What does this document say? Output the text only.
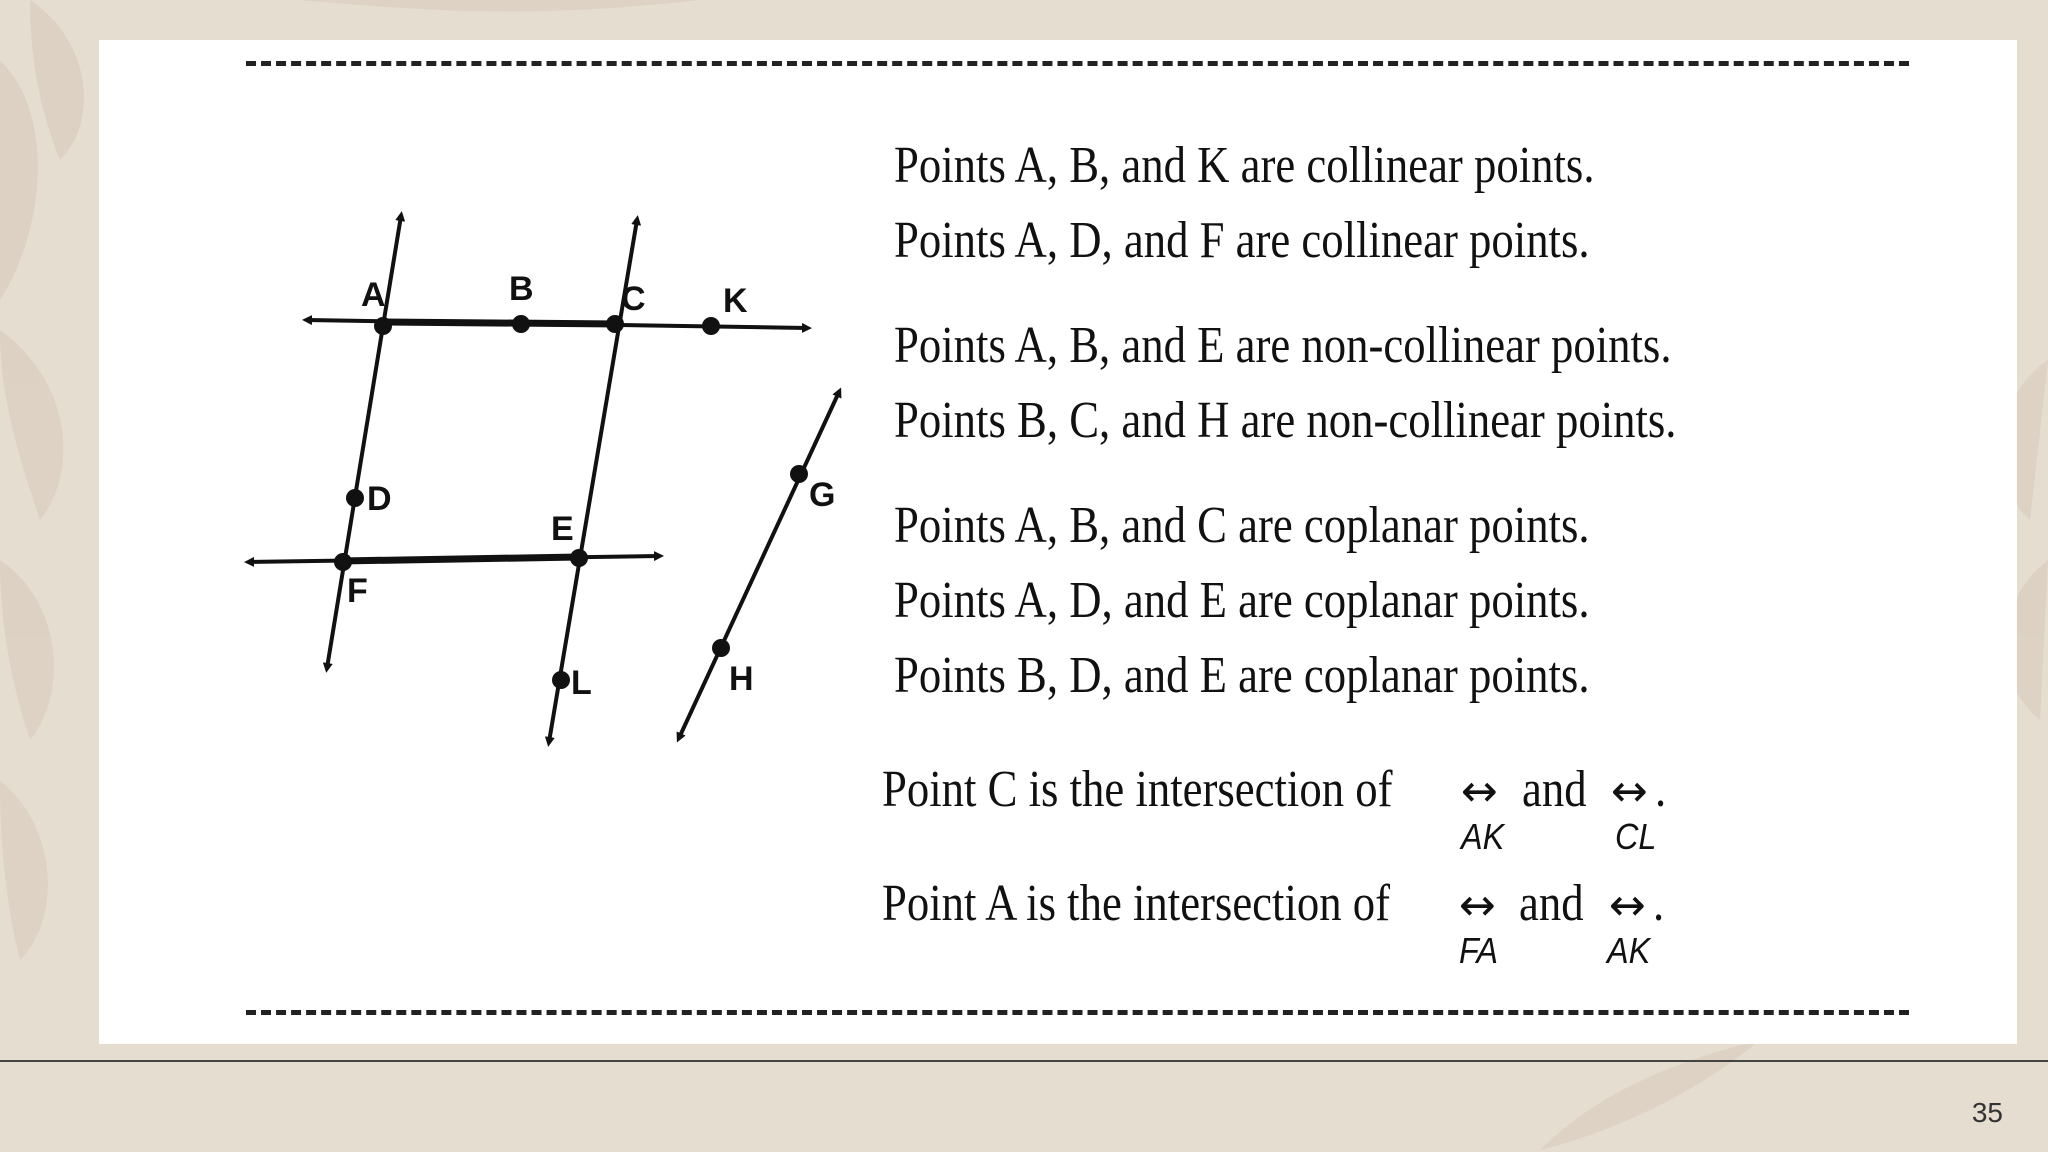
A	B	C K
D
E
F
L
G
H
Points A, B, and K are collinear points.
Points A, D, and F are collinear points.
Points A, B, and E are non-collinear points.
Points B, C, and H are non-collinear points.
Points A, B, and C are coplanar points.
Points A, D, and E are coplanar points.
Points B, D, and E are coplanar points.
Point C is the intersection of ↔
AK
and ↔
CL
.
Point A is the intersection of ↔
FA
and ↔
AK
.
35
